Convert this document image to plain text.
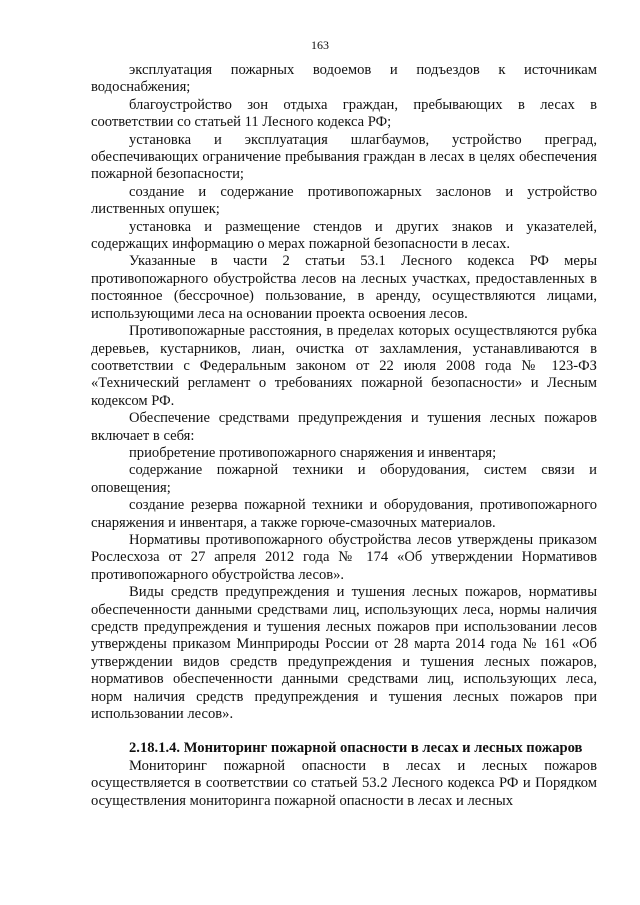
163

эксплуатация пожарных водоемов и подъездов к источникам водоснабжения;

благоустройство зон отдыха граждан, пребывающих в лесах в соответствии со статьей 11 Лесного кодекса РФ;

установка и эксплуатация шлагбаумов, устройство преград, обеспечивающих ограничение пребывания граждан в лесах в целях обеспечения пожарной безопасности;

создание и содержание противопожарных заслонов и устройство лиственных опушек;

установка и размещение стендов и других знаков и указателей, содержащих информацию о мерах пожарной безопасности в лесах.

Указанные в части 2 статьи 53.1 Лесного кодекса РФ меры противопожарного обустройства лесов на лесных участках, предоставленных в постоянное (бессрочное) пользование, в аренду, осуществляются лицами, использующими леса на основании проекта освоения лесов.

Противопожарные расстояния, в пределах которых осуществляются рубка деревьев, кустарников, лиан, очистка от захламления, устанавливаются в соответствии с Федеральным законом от 22 июля 2008 года № 123-ФЗ «Технический регламент о требованиях пожарной безопасности» и Лесным кодексом РФ.

Обеспечение средствами предупреждения и тушения лесных пожаров включает в себя:

приобретение противопожарного снаряжения и инвентаря;

содержание пожарной техники и оборудования, систем связи и оповещения;

создание резерва пожарной техники и оборудования, противопожарного снаряжения и инвентаря, а также горюче-смазочных материалов.

Нормативы противопожарного обустройства лесов утверждены приказом Рослесхоза от 27 апреля 2012 года № 174 «Об утверждении Нормативов противопожарного обустройства лесов».

Виды средств предупреждения и тушения лесных пожаров, нормативы обеспеченности данными средствами лиц, использующих леса, нормы наличия средств предупреждения и тушения лесных пожаров при использовании лесов утверждены приказом Минприроды России от 28 марта 2014 года № 161 «Об утверждении видов средств предупреждения и тушения лесных пожаров, нормативов обеспеченности данными средствами лиц, использующих леса, норм наличия средств предупреждения и тушения лесных пожаров при использовании лесов».

2.18.1.4. Мониторинг пожарной опасности в лесах и лесных пожаров

Мониторинг пожарной опасности в лесах и лесных пожаров осуществляется в соответствии со статьей 53.2 Лесного кодекса РФ и Порядком осуществления мониторинга пожарной опасности в лесах и лесных
